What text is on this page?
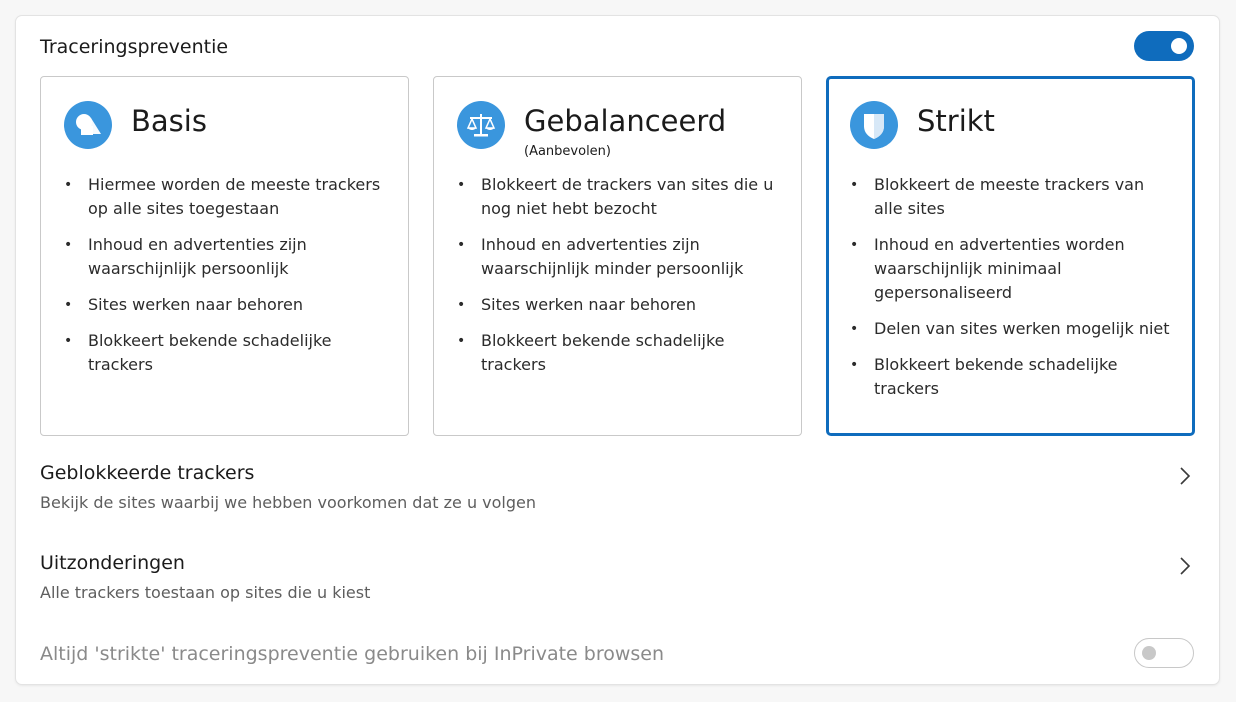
Traceringspreventie
Basis
• Hiermee worden de meeste trackers op alle sites toegestaan
• Inhoud en advertenties zijn waarschijnlijk persoonlijk
• Sites werken naar behoren
• Blokkeert bekende schadelijke trackers
Gebalanceerd
(Aanbevolen)
• Blokkeert de trackers van sites die u nog niet hebt bezocht
• Inhoud en advertenties zijn waarschijnlijk minder persoonlijk
• Sites werken naar behoren
• Blokkeert bekende schadelijke trackers
Strikt
• Blokkeert de meeste trackers van alle sites
• Inhoud en advertenties worden waarschijnlijk minimaal gepersonaliseerd
• Delen van sites werken mogelijk niet
• Blokkeert bekende schadelijke trackers
Geblokkeerde trackers
Bekijk de sites waarbij we hebben voorkomen dat ze u volgen
Uitzonderingen
Alle trackers toestaan op sites die u kiest
Altijd 'strikte' traceringspreventie gebruiken bij InPrivate browsen
